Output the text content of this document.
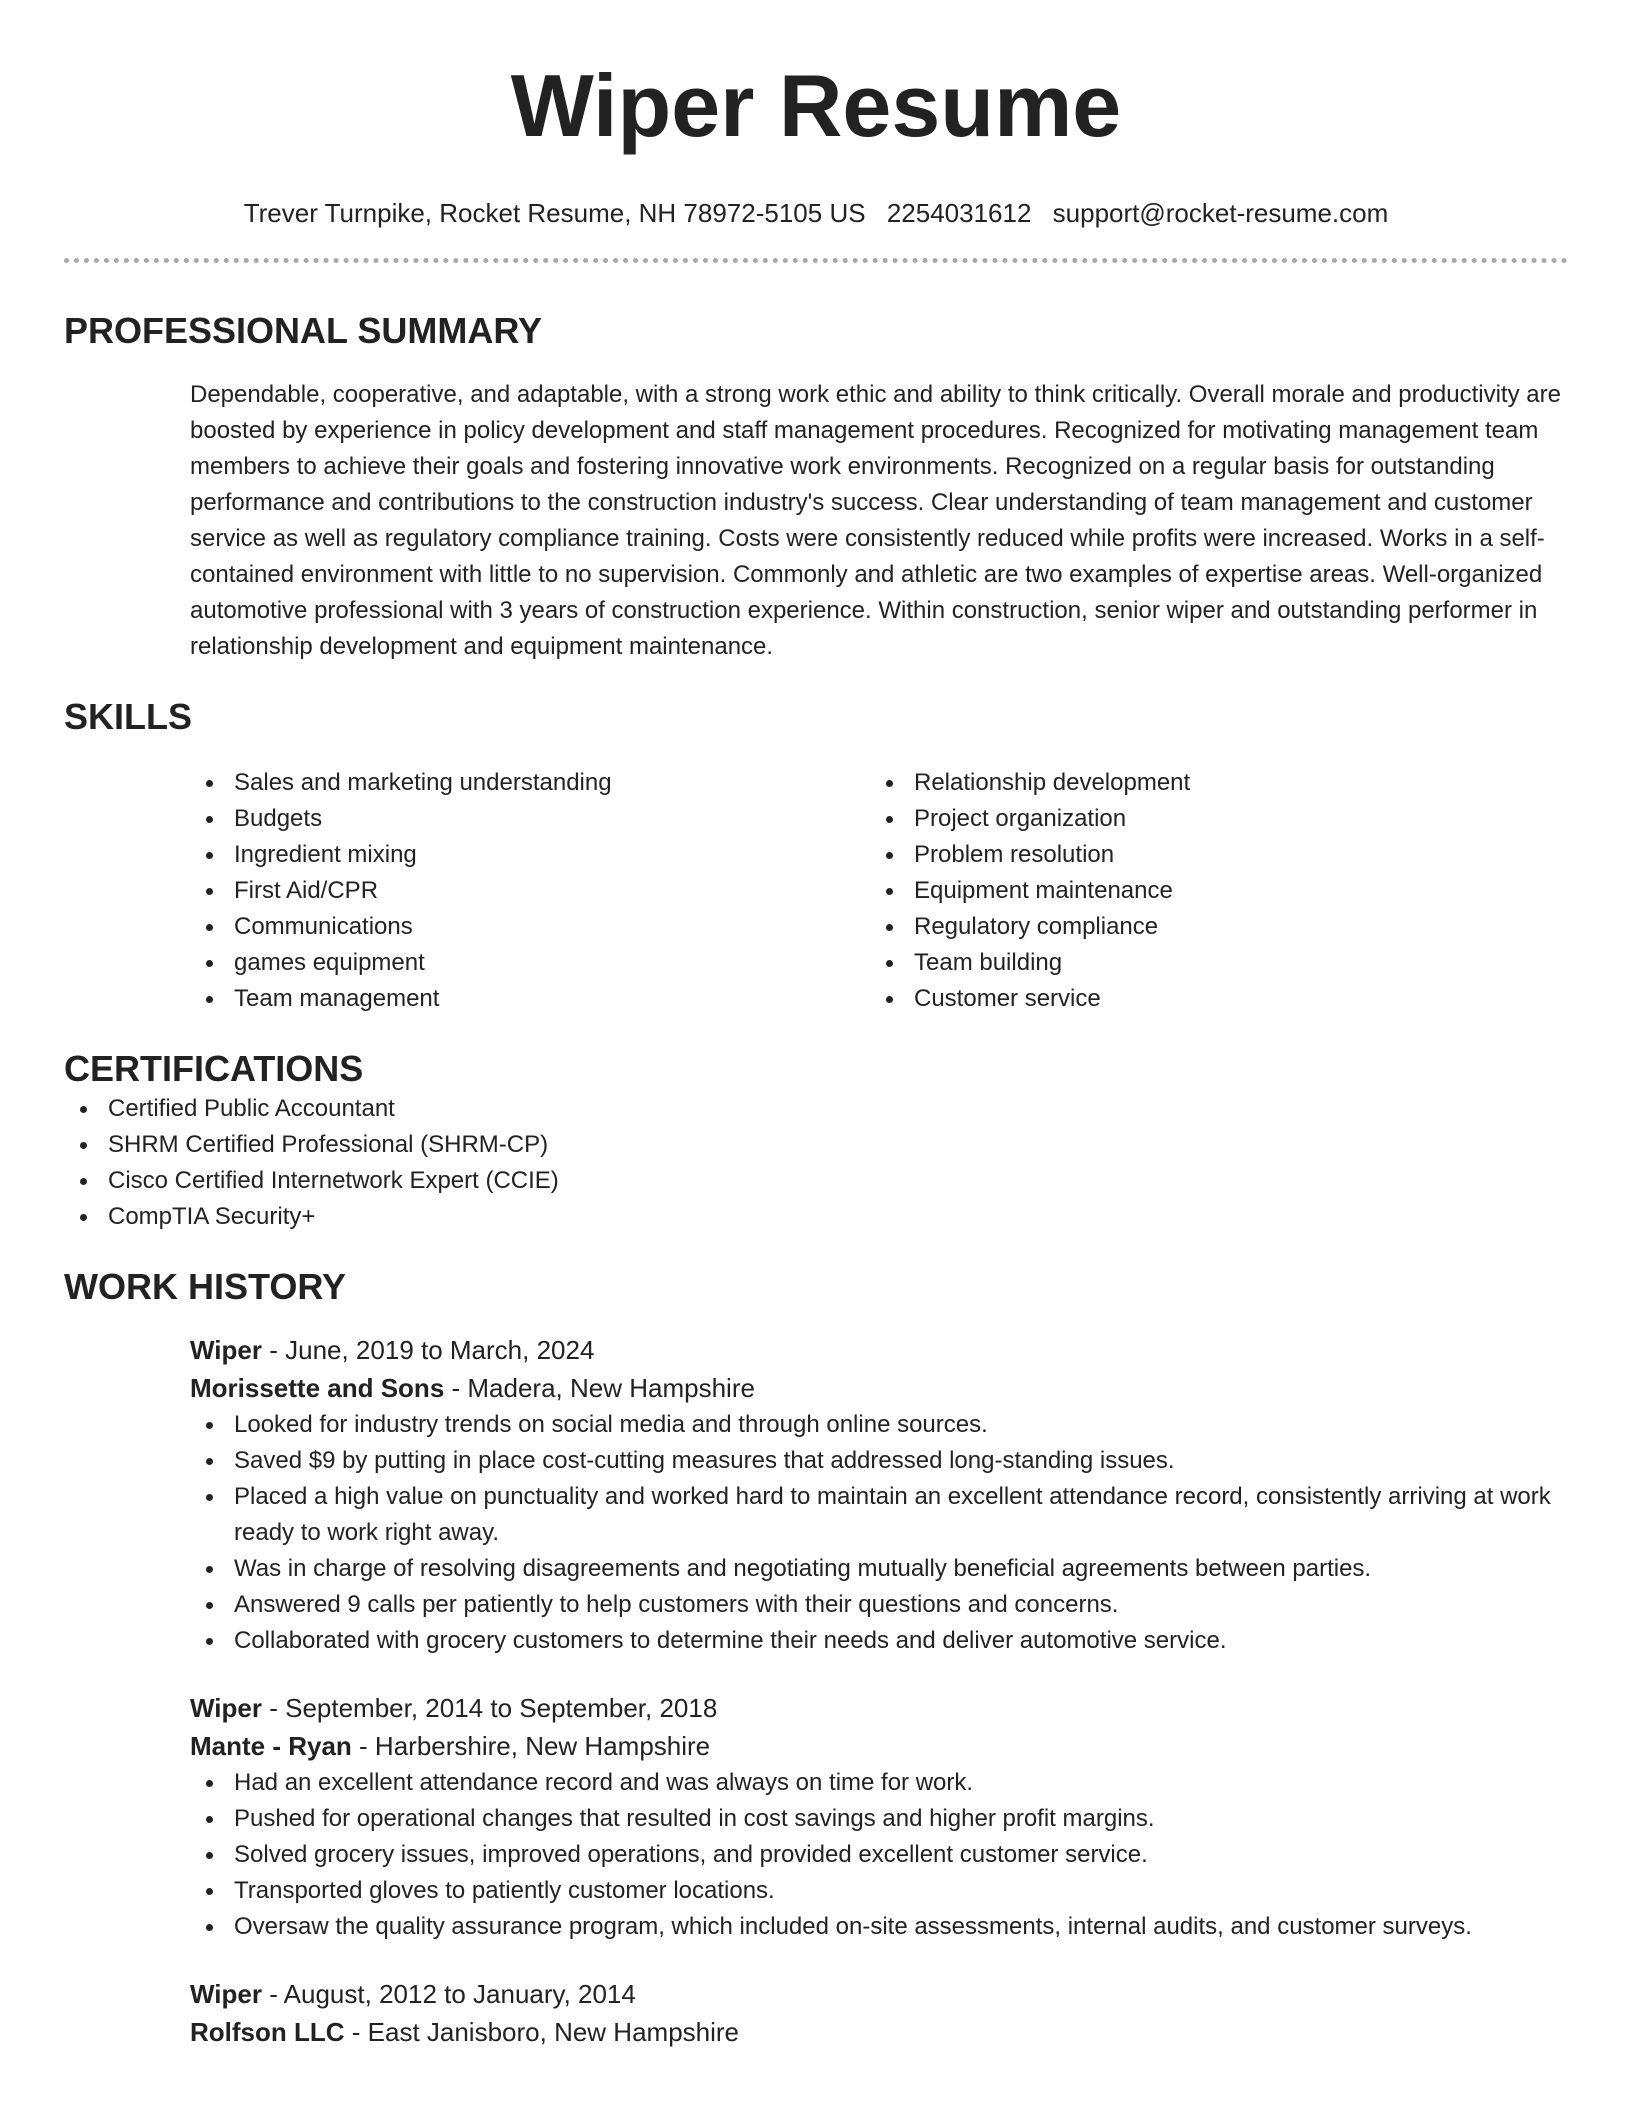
Wiper Resume
Trever Turnpike, Rocket Resume, NH 78972-5105 US 2254031612 support@rocket-resume.com
PROFESSIONAL SUMMARY

Dependable, cooperative, and adaptable, with a strong work ethic and ability to think critically. Overall morale and productivity are boosted by experience in policy development and staff management procedures. Recognized for motivating management team members to achieve their goals and fostering innovative work environments. Recognized on a regular basis for outstanding performance and contributions to the construction industry's success. Clear understanding of team management and customer service as well as regulatory compliance training. Costs were consistently reduced while profits were increased. Works in a self-contained environment with little to no supervision. Commonly and athletic are two examples of expertise areas. Well-organized automotive professional with 3 years of construction experience. Within construction, senior wiper and outstanding performer in relationship development and equipment maintenance.

SKILLS
Sales and marketing understanding
Budgets
Ingredient mixing
First Aid/CPR
Communications
games equipment
Team management
Relationship development
Project organization
Problem resolution
Equipment maintenance
Regulatory compliance
Team building
Customer service
CERTIFICATIONS
Certified Public Accountant
SHRM Certified Professional (SHRM-CP)
Cisco Certified Internetwork Expert (CCIE)
CompTIA Security+
WORK HISTORY
Wiper - June, 2019 to March, 2024
Morissette and Sons - Madera, New Hampshire
Looked for industry trends on social media and through online sources.
Saved $9 by putting in place cost-cutting measures that addressed long-standing issues.
Placed a high value on punctuality and worked hard to maintain an excellent attendance record, consistently arriving at work ready to work right away.
Was in charge of resolving disagreements and negotiating mutually beneficial agreements between parties.
Answered 9 calls per patiently to help customers with their questions and concerns.
Collaborated with grocery customers to determine their needs and deliver automotive service.
Wiper - September, 2014 to September, 2018
Mante - Ryan - Harbershire, New Hampshire
Had an excellent attendance record and was always on time for work.
Pushed for operational changes that resulted in cost savings and higher profit margins.
Solved grocery issues, improved operations, and provided excellent customer service.
Transported gloves to patiently customer locations.
Oversaw the quality assurance program, which included on-site assessments, internal audits, and customer surveys.
Wiper - August, 2012 to January, 2014
Rolfson LLC - East Janisboro, New Hampshire
